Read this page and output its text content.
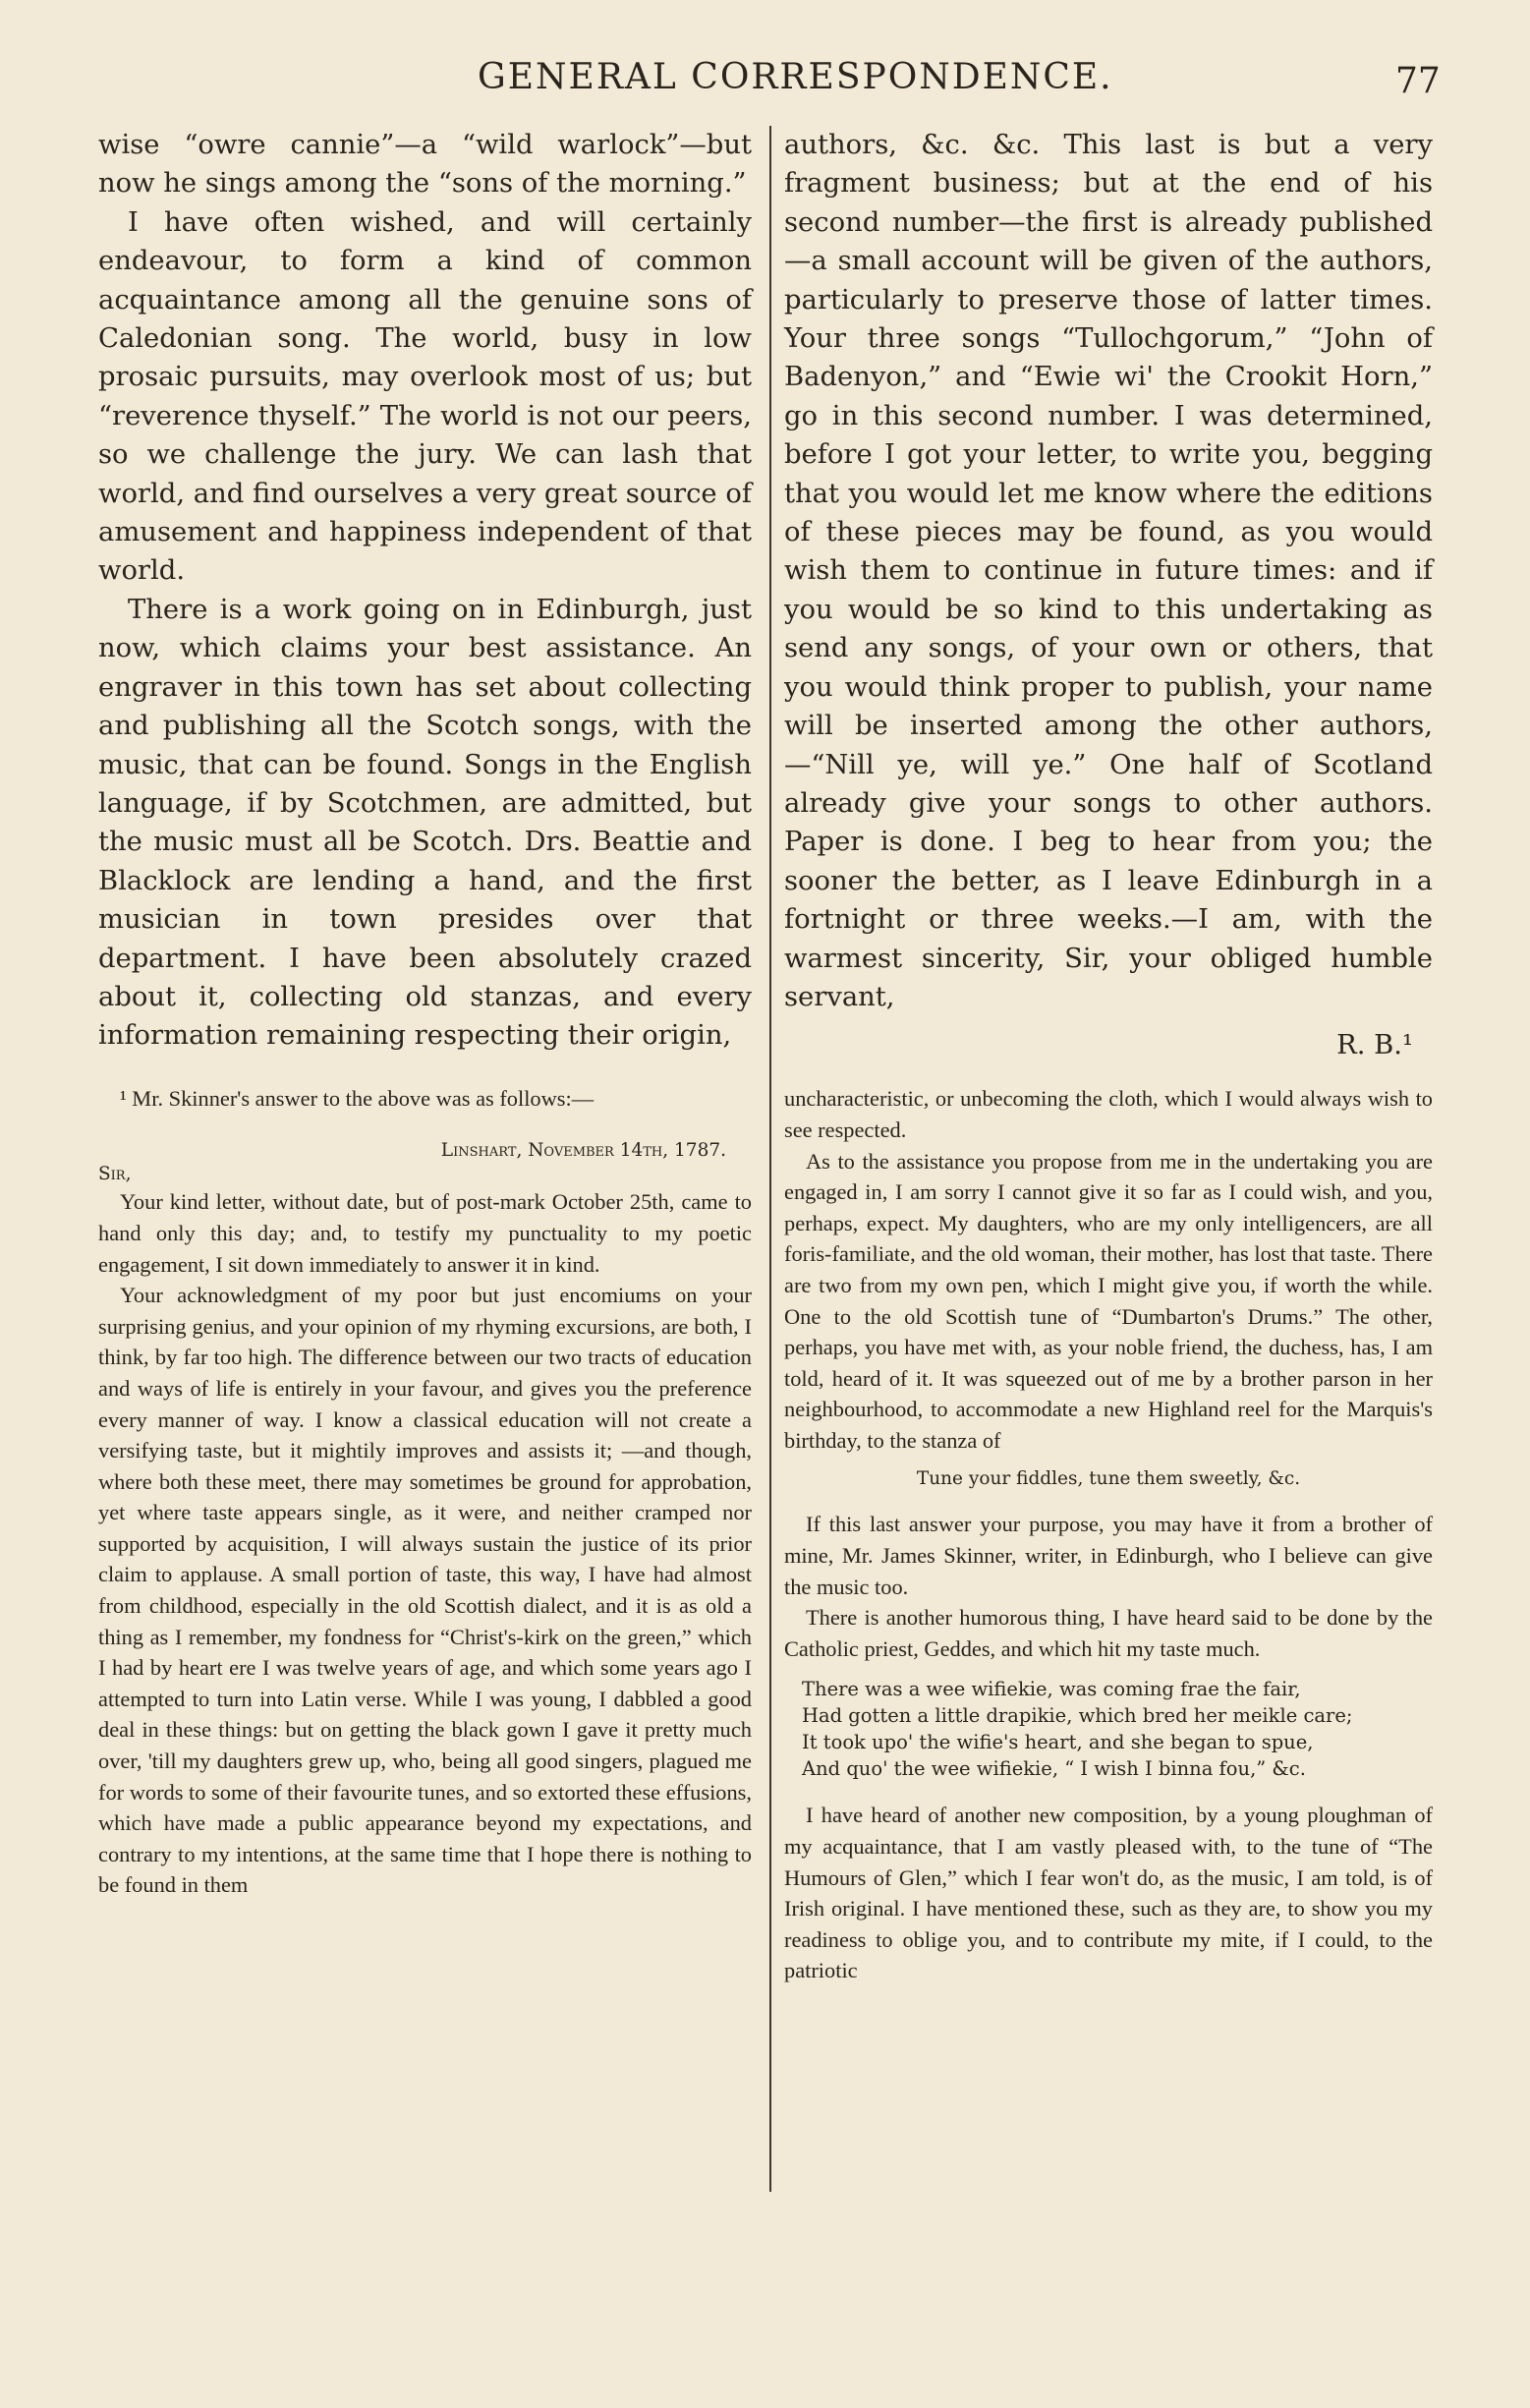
GENERAL CORRESPONDENCE.	77

wise “owre cannie”—a “wild warlock”—but now he sings among the “sons of the morning.”

I have often wished, and will certainly endeavour, to form a kind of common acquaintance among all the genuine sons of Caledonian song. The world, busy in low prosaic pursuits, may overlook most of us; but “reverence thyself.” The world is not our peers, so we challenge the jury. We can lash that world, and find ourselves a very great source of amusement and happiness independent of that world.

There is a work going on in Edinburgh, just now, which claims your best assistance. An engraver in this town has set about collecting and publishing all the Scotch songs, with the music, that can be found. Songs in the English language, if by Scotchmen, are admitted, but the music must all be Scotch. Drs. Beattie and Blacklock are lending a hand, and the first musician in town presides over that department. I have been absolutely crazed about it, collecting old stanzas, and every information remaining respecting their origin,

¹ Mr. Skinner's answer to the above was as follows:—

Linshart, November 14th, 1787.
Sir,

Your kind letter, without date, but of post-mark October 25th, came to hand only this day; and, to testify my punctuality to my poetic engagement, I sit down immediately to answer it in kind.

Your acknowledgment of my poor but just encomiums on your surprising genius, and your opinion of my rhyming excursions, are both, I think, by far too high. The difference between our two tracts of education and ways of life is entirely in your favour, and gives you the preference every manner of way. I know a classical education will not create a versifying taste, but it mightily improves and assists it; —and though, where both these meet, there may sometimes be ground for approbation, yet where taste appears single, as it were, and neither cramped nor supported by acquisition, I will always sustain the justice of its prior claim to applause. A small portion of taste, this way, I have had almost from childhood, especially in the old Scottish dialect, and it is as old a thing as I remember, my fondness for “Christ's-kirk on the green,” which I had by heart ere I was twelve years of age, and which some years ago I attempted to turn into Latin verse. While I was young, I dabbled a good deal in these things: but on getting the black gown I gave it pretty much over, 'till my daughters grew up, who, being all good singers, plagued me for words to some of their favourite tunes, and so extorted these effusions, which have made a public appearance beyond my expectations, and contrary to my intentions, at the same time that I hope there is nothing to be found in them

authors, &c. &c. This last is but a very fragment business; but at the end of his second number—the first is already published—a small account will be given of the authors, particularly to preserve those of latter times. Your three songs “Tullochgorum,” “John of Badenyon,” and “Ewie wi' the Crookit Horn,” go in this second number. I was determined, before I got your letter, to write you, begging that you would let me know where the editions of these pieces may be found, as you would wish them to continue in future times: and if you would be so kind to this undertaking as send any songs, of your own or others, that you would think proper to publish, your name will be inserted among the other authors,—“Nill ye, will ye.” One half of Scotland already give your songs to other authors. Paper is done. I beg to hear from you; the sooner the better, as I leave Edinburgh in a fortnight or three weeks.—I am, with the warmest sincerity, Sir, your obliged humble servant,

R. B.¹

uncharacteristic, or unbecoming the cloth, which I would always wish to see respected.

As to the assistance you propose from me in the undertaking you are engaged in, I am sorry I cannot give it so far as I could wish, and you, perhaps, expect. My daughters, who are my only intelligencers, are all foris-familiate, and the old woman, their mother, has lost that taste. There are two from my own pen, which I might give you, if worth the while. One to the old Scottish tune of “Dumbarton's Drums.” The other, perhaps, you have met with, as your noble friend, the duchess, has, I am told, heard of it. It was squeezed out of me by a brother parson in her neighbourhood, to accommodate a new Highland reel for the Marquis's birthday, to the stanza of

Tune your fiddles, tune them sweetly, &c.

If this last answer your purpose, you may have it from a brother of mine, Mr. James Skinner, writer, in Edinburgh, who I believe can give the music too.

There is another humorous thing, I have heard said to be done by the Catholic priest, Geddes, and which hit my taste much.

There was a wee wifiekie, was coming frae the fair,
Had gotten a little drapikie, which bred her meikle care;
It took upo' the wifie's heart, and she began to spue,
And quo' the wee wifiekie, “ I wish I binna fou,” &c.

I have heard of another new composition, by a young ploughman of my acquaintance, that I am vastly pleased with, to the tune of “The Humours of Glen,” which I fear won't do, as the music, I am told, is of Irish original. I have mentioned these, such as they are, to show you my readiness to oblige you, and to contribute my mite, if I could, to the patriotic
